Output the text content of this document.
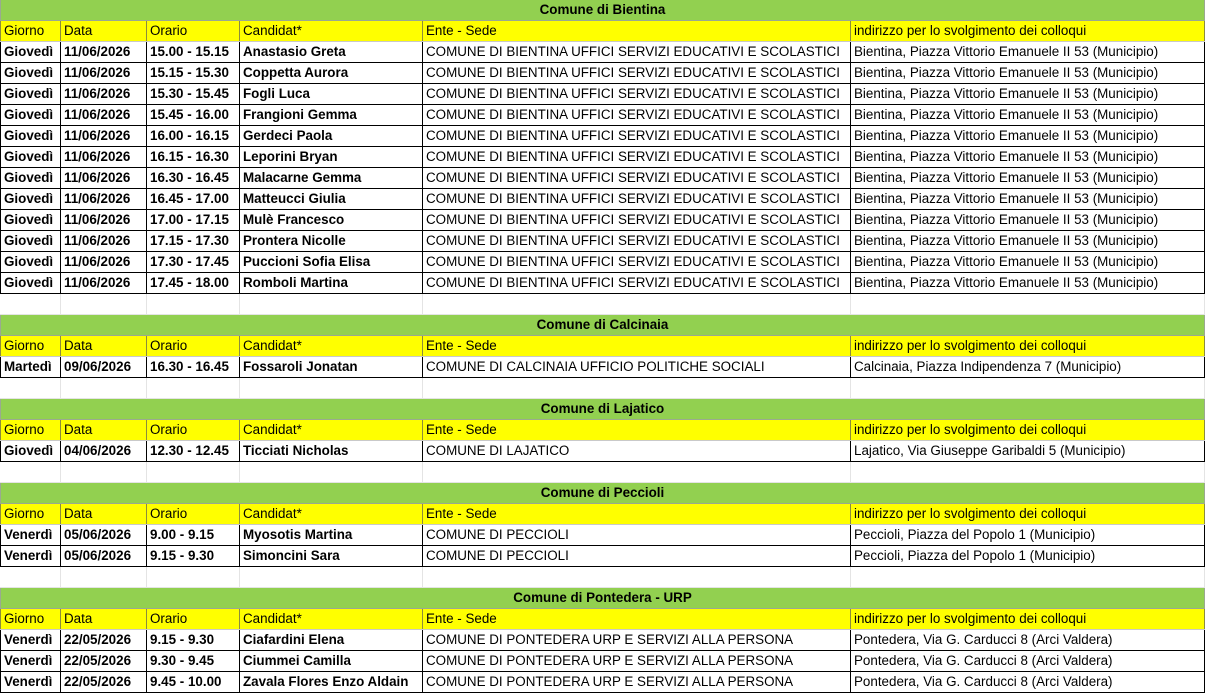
Comune di Bientina
Giorno	Data	Orario	Candidat*	Ente - Sede	indirizzo per lo svolgimento dei colloqui
Giovedì 11/06/2026	15.00 - 15.15	Anastasio Greta	COMUNE DI BIENTINA UFFICI SERVIZI EDUCATIVI E SCOLASTICI	Bientina, Piazza Vittorio Emanuele II 53 (Municipio)
Giovedì 11/06/2026	15.15 - 15.30	Coppetta Aurora	COMUNE DI BIENTINA UFFICI SERVIZI EDUCATIVI E SCOLASTICI	Bientina, Piazza Vittorio Emanuele II 53 (Municipio)
Giovedì 11/06/2026	15.30 - 15.45	Fogli Luca	COMUNE DI BIENTINA UFFICI SERVIZI EDUCATIVI E SCOLASTICI	Bientina, Piazza Vittorio Emanuele II 53 (Municipio)
Giovedì 11/06/2026	15.45 - 16.00	Frangioni Gemma	COMUNE DI BIENTINA UFFICI SERVIZI EDUCATIVI E SCOLASTICI	Bientina, Piazza Vittorio Emanuele II 53 (Municipio)
Giovedì 11/06/2026	16.00 - 16.15	Gerdeci Paola	COMUNE DI BIENTINA UFFICI SERVIZI EDUCATIVI E SCOLASTICI	Bientina, Piazza Vittorio Emanuele II 53 (Municipio)
Giovedì 11/06/2026	16.15 - 16.30	Leporini Bryan	COMUNE DI BIENTINA UFFICI SERVIZI EDUCATIVI E SCOLASTICI	Bientina, Piazza Vittorio Emanuele II 53 (Municipio)
Giovedì 11/06/2026	16.30 - 16.45	Malacarne Gemma	COMUNE DI BIENTINA UFFICI SERVIZI EDUCATIVI E SCOLASTICI	Bientina, Piazza Vittorio Emanuele II 53 (Municipio)
Giovedì 11/06/2026	16.45 - 17.00	Matteucci Giulia	COMUNE DI BIENTINA UFFICI SERVIZI EDUCATIVI E SCOLASTICI	Bientina, Piazza Vittorio Emanuele II 53 (Municipio)
Giovedì 11/06/2026	17.00 - 17.15	Mulè Francesco	COMUNE DI BIENTINA UFFICI SERVIZI EDUCATIVI E SCOLASTICI	Bientina, Piazza Vittorio Emanuele II 53 (Municipio)
Giovedì 11/06/2026	17.15 - 17.30	Prontera Nicolle	COMUNE DI BIENTINA UFFICI SERVIZI EDUCATIVI E SCOLASTICI	Bientina, Piazza Vittorio Emanuele II 53 (Municipio)
Giovedì 11/06/2026	17.30 - 17.45	Puccioni Sofia Elisa	COMUNE DI BIENTINA UFFICI SERVIZI EDUCATIVI E SCOLASTICI	Bientina, Piazza Vittorio Emanuele II 53 (Municipio)
Giovedì 11/06/2026	17.45 - 18.00	Romboli Martina	COMUNE DI BIENTINA UFFICI SERVIZI EDUCATIVI E SCOLASTICI	Bientina, Piazza Vittorio Emanuele II 53 (Municipio)
Comune di Calcinaia
Giorno	Data	Orario	Candidat*	Ente - Sede	indirizzo per lo svolgimento dei colloqui
Martedì 09/06/2026	16.30 - 16.45	Fossaroli Jonatan	COMUNE DI CALCINAIA UFFICIO POLITICHE SOCIALI	Calcinaia, Piazza Indipendenza 7 (Municipio)
Comune di Lajatico
Giorno	Data	Orario	Candidat*	Ente - Sede	indirizzo per lo svolgimento dei colloqui
Giovedì 04/06/2026	12.30 - 12.45	Ticciati Nicholas	COMUNE DI LAJATICO	Lajatico, Via Giuseppe Garibaldi 5 (Municipio)
Comune di Peccioli
Giorno	Data	Orario	Candidat*	Ente - Sede	indirizzo per lo svolgimento dei colloqui
Venerdì 05/06/2026	9.00 - 9.15	Myosotis Martina	COMUNE DI PECCIOLI	Peccioli, Piazza del Popolo 1 (Municipio)
Venerdì 05/06/2026	9.15 - 9.30	Simoncini Sara	COMUNE DI PECCIOLI	Peccioli, Piazza del Popolo 1 (Municipio)
Comune di Pontedera - URP
Giorno	Data	Orario	Candidat*	Ente - Sede	indirizzo per lo svolgimento dei colloqui
Venerdì 22/05/2026	9.15 - 9.30	Ciafardini Elena	COMUNE DI PONTEDERA URP E SERVIZI ALLA PERSONA	Pontedera, Via G. Carducci 8 (Arci Valdera)
Venerdì 22/05/2026	9.30 - 9.45	Ciummei Camilla	COMUNE DI PONTEDERA URP E SERVIZI ALLA PERSONA	Pontedera, Via G. Carducci 8 (Arci Valdera)
Venerdì 22/05/2026	9.45 - 10.00	Zavala Flores Enzo Aldain	COMUNE DI PONTEDERA URP E SERVIZI ALLA PERSONA	Pontedera, Via G. Carducci 8 (Arci Valdera)
